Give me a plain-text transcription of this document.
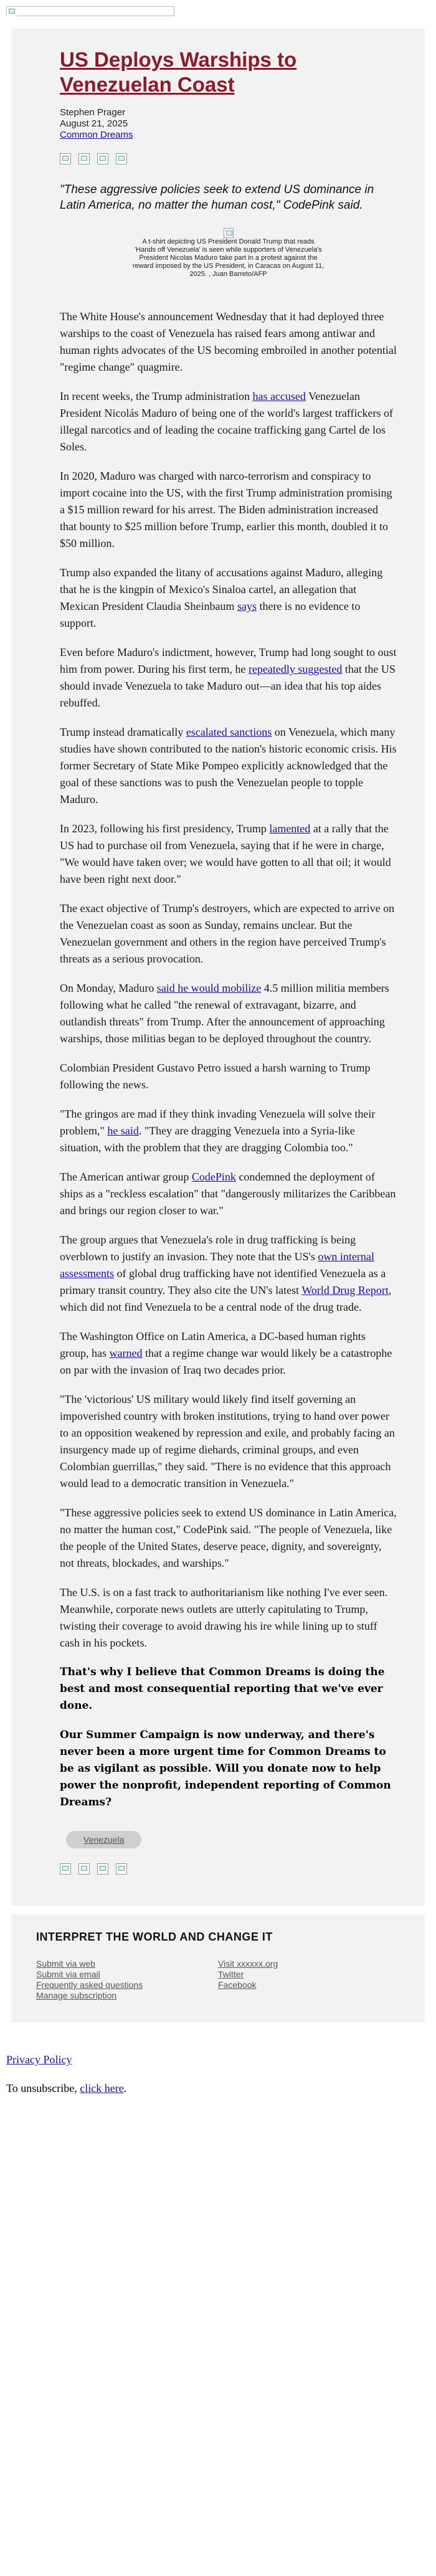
US Deploys Warships to Venezuelan Coast
Stephen Prager
August 21, 2025
Common Dreams
"These aggressive policies seek to extend US dominance in Latin America, no matter the human cost," CodePink said.
A t-shirt depicting US President Donald Trump that reads 'Hands off Venezuela' is seen while supporters of Venezuela's President Nicolas Maduro take part in a protest against the reward imposed by the US President, in Caracas on August 11, 2025. , Juan Barreto/AFP

The White House's announcement Wednesday that it had deployed three warships to the coast of Venezuela has raised fears among antiwar and human rights advocates of the US becoming embroiled in another potential "regime change" quagmire.

In recent weeks, the Trump administration has accused Venezuelan President Nicolás Maduro of being one of the world's largest traffickers of illegal narcotics and of leading the cocaine trafficking gang Cartel de los Soles.

In 2020, Maduro was charged with narco-terrorism and conspiracy to import cocaine into the US, with the first Trump administration promising a $15 million reward for his arrest. The Biden administration increased that bounty to $25 million before Trump, earlier this month, doubled it to $50 million.

Trump also expanded the litany of accusations against Maduro, alleging that he is the kingpin of Mexico's Sinaloa cartel, an allegation that Mexican President Claudia Sheinbaum says there is no evidence to support.

Even before Maduro's indictment, however, Trump had long sought to oust him from power. During his first term, he repeatedly suggested that the US should invade Venezuela to take Maduro out—an idea that his top aides rebuffed.

Trump instead dramatically escalated sanctions on Venezuela, which many studies have shown contributed to the nation's historic economic crisis. His former Secretary of State Mike Pompeo explicitly acknowledged that the goal of these sanctions was to push the Venezuelan people to topple Maduro.

In 2023, following his first presidency, Trump lamented at a rally that the US had to purchase oil from Venezuela, saying that if he were in charge, "We would have taken over; we would have gotten to all that oil; it would have been right next door."

The exact objective of Trump's destroyers, which are expected to arrive on the Venezuelan coast as soon as Sunday, remains unclear. But the Venezuelan government and others in the region have perceived Trump's threats as a serious provocation.

On Monday, Maduro said he would mobilize 4.5 million militia members following what he called "the renewal of extravagant, bizarre, and outlandish threats" from Trump. After the announcement of approaching warships, those militias began to be deployed throughout the country.

Colombian President Gustavo Petro issued a harsh warning to Trump following the news.

"The gringos are mad if they think invading Venezuela will solve their problem," he said. "They are dragging Venezuela into a Syria-like situation, with the problem that they are dragging Colombia too."

The American antiwar group CodePink condemned the deployment of ships as a "reckless escalation" that "dangerously militarizes the Caribbean and brings our region closer to war."

The group argues that Venezuela's role in drug trafficking is being overblown to justify an invasion. They note that the US's own internal assessments of global drug trafficking have not identified Venezuela as a primary transit country. They also cite the UN's latest World Drug Report, which did not find Venezuela to be a central node of the drug trade.

The Washington Office on Latin America, a DC-based human rights group, has warned that a regime change war would likely be a catastrophe on par with the invasion of Iraq two decades prior.

"The 'victorious' US military would likely find itself governing an impoverished country with broken institutions, trying to hand over power to an opposition weakened by repression and exile, and probably facing an insurgency made up of regime diehards, criminal groups, and even Colombian guerrillas," they said. "There is no evidence that this approach would lead to a democratic transition in Venezuela."

"These aggressive policies seek to extend US dominance in Latin America, no matter the human cost," CodePink said. "The people of Venezuela, like the people of the United States, deserve peace, dignity, and sovereignty, not threats, blockades, and warships."

The U.S. is on a fast track to authoritarianism like nothing I've ever seen. Meanwhile, corporate news outlets are utterly capitulating to Trump, twisting their coverage to avoid drawing his ire while lining up to stuff cash in his pockets.

That's why I believe that Common Dreams is doing the best and most consequential reporting that we've ever done.

Our Summer Campaign is now underway, and there's never been a more urgent time for Common Dreams to be as vigilant as possible. Will you donate now to help power the nonprofit, independent reporting of Common Dreams?

Venezuela
INTERPRET THE WORLD AND CHANGE IT
Submit via web
Submit via email
Frequently asked questions
Manage subscription
Visit xxxxxx.org
Twitter
Facebook
Privacy Policy
To unsubscribe, click here.
